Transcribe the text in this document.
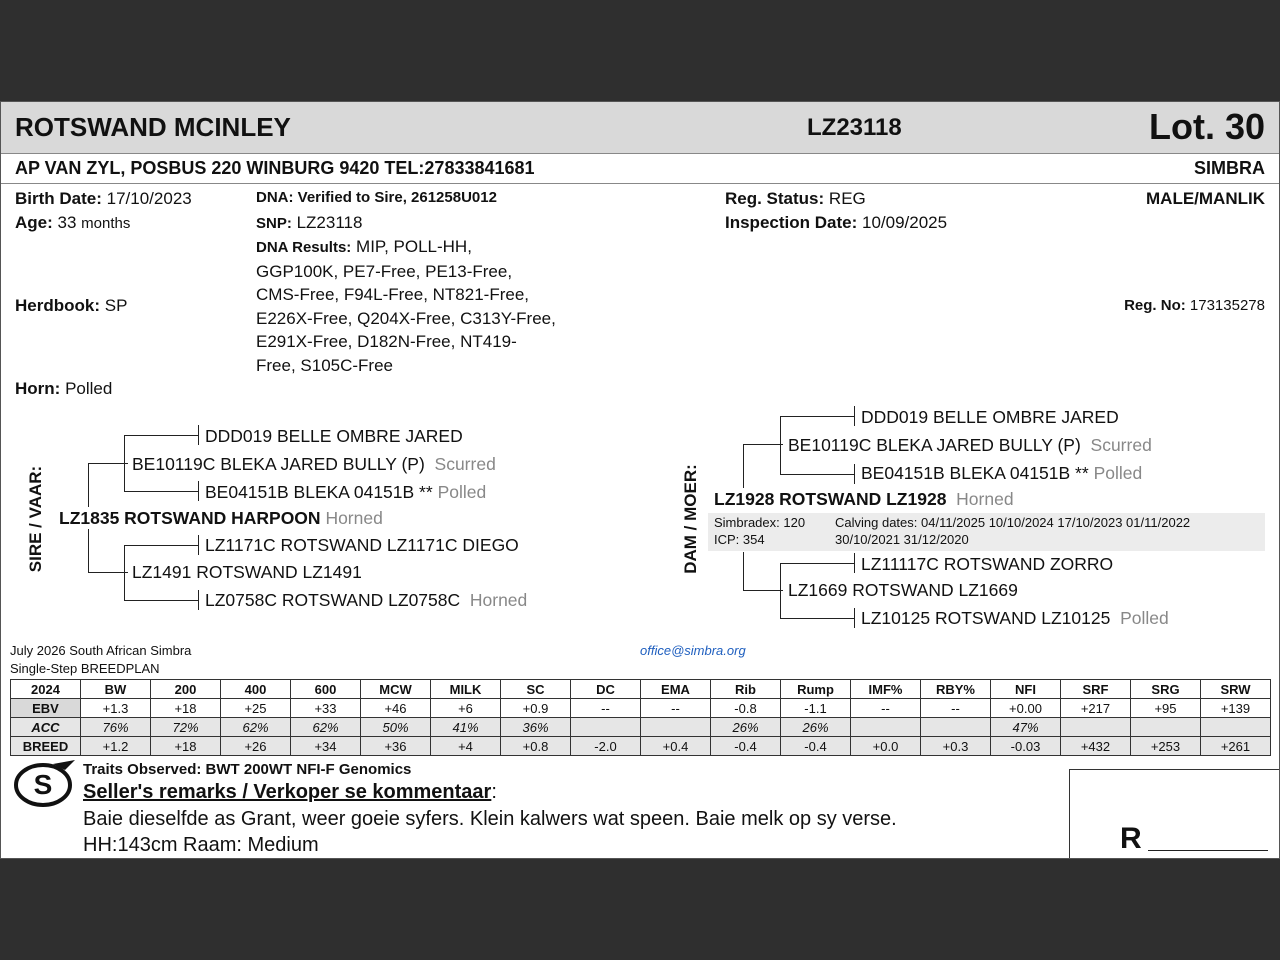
ROTSWAND MCINLEY	LZ23118	Lot. 30
AP VAN ZYL, POSBUS 220 WINBURG 9420 TEL:27833841681	SIMBRA
Birth Date: 17/10/2023
Age: 33 months
Herdbook: SP
Horn: Polled
DNA: Verified to Sire, 261258U012
SNP: LZ23118
DNA Results: MIP, POLL-HH, GGP100K, PE7-Free, PE13-Free, CMS-Free, F94L-Free, NT821-Free, E226X-Free, Q204X-Free, C313Y-Free, E291X-Free, D182N-Free, NT419-Free, S105C-Free
Reg. Status: REG
Inspection Date: 10/09/2025
MALE/MANLIK
Reg. No: 173135278
SIRE / VAAR:
DDD019 BELLE OMBRE JARED
BE10119C BLEKA JARED BULLY (P) Scurred
BE04151B BLEKA 04151B ** Polled
LZ1835 ROTSWAND HARPOON Horned
LZ1171C ROTSWAND LZ1171C DIEGO
LZ1491 ROTSWAND LZ1491
LZ0758C ROTSWAND LZ0758C Horned
DAM / MOER:
DDD019 BELLE OMBRE JARED
BE10119C BLEKA JARED BULLY (P) Scurred
BE04151B BLEKA 04151B ** Polled
LZ1928 ROTSWAND LZ1928 Horned
Simbradex: 120
ICP: 354
Calving dates: 04/11/2025 10/10/2024 17/10/2023 01/11/2022
30/10/2021 31/12/2020
LZ11117C ROTSWAND ZORRO
LZ1669 ROTSWAND LZ1669
LZ10125 ROTSWAND LZ10125 Polled
July 2026 South African Simbra
Single-Step BREEDPLAN
office@simbra.org
2024	BW	200	400	600	MCW	MILK	SC	DC	EMA	Rib	Rump	IMF%	RBY%	NFI	SRF	SRG	SRW
EBV	+1.3	+18	+25	+33	+46	+6	+0.9	--	--	-0.8	-1.1	--	--	+0.00	+217	+95	+139
ACC	76%	72%	62%	62%	50%	41%	36%			26%	26%			47%			
BREED	+1.2	+18	+26	+34	+36	+4	+0.8	-2.0	+0.4	-0.4	-0.4	+0.0	+0.3	-0.03	+432	+253	+261
S Traits Observed: BWT 200WT NFI-F Genomics
Seller's remarks / Verkoper se kommentaar:
Baie dieselfde as Grant, weer goeie syfers. Klein kalwers wat speen. Baie melk op sy verse.
HH:143cm Raam: Medium	R
